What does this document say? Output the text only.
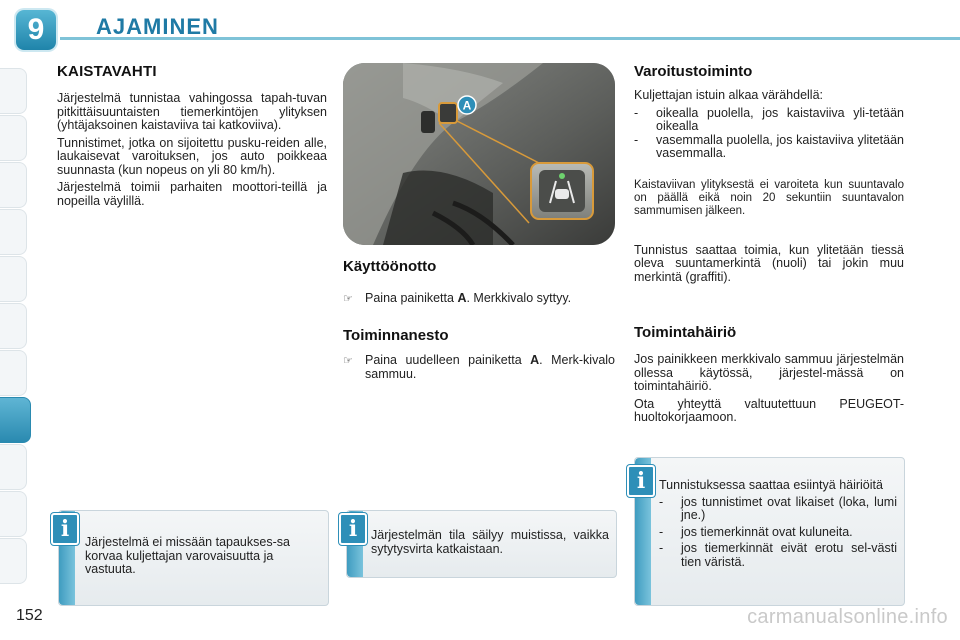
9	AJAMINEN
KAISTAVAHTI

Järjestelmä tunnistaa vahingossa tapah-tuvan pitkittäisuuntaisten tiemerkintöjen ylityksen (yhtäjaksoinen kaistaviiva tai katkoviiva).

Tunnistimet, jotka on sijoitettu pusku-reiden alle, laukaisevat varoituksen, jos auto poikkeaa suunnasta (kun nopeus on yli 80 km/h).

Järjestelmä toimii parhaiten moottori-teillä ja nopeilla väylillä.

Järjestelmä ei missään tapaukses-sa korvaa kuljettajan varovaisuutta ja vastuuta.
i
A
Käyttöönotto
☞ Paina painiketta A. Merkkivalo syttyy.
Toiminnanesto
☞ Paina uudelleen painiketta A. Merk-kivalo sammuu.
Järjestelmän tila säilyy muistissa, vaikka sytytysvirta katkaistaan.
i
Varoitustoiminto

Kuljettajan istuin alkaa värähdellä:

-	oikealla puolella, jos kaistaviiva yli-tetään oikealla
-	vasemmalla puolella, jos kaistaviiva ylitetään vasemmalla.

Kaistaviivan ylityksestä ei varoiteta kun suuntavalo on päällä eikä noin 20 sekuntiin suuntavalon sammumisen jälkeen.

Tunnistus saattaa toimia, kun ylitetään tiessä oleva suuntamerkintä (nuoli) tai jokin muu merkintä (graffiti).

Toimintahäiriö

Jos painikkeen merkkivalo sammuu järjestelmän ollessa käytössä, järjestel-mässä on toimintahäiriö.

Ota yhteyttä valtuutettuun PEUGEOT-huoltokorjaamoon.

Tunnistuksessa saattaa esiintyä häiriöitä
-	jos tunnistimet ovat likaiset (loka, lumi jne.)
-	jos tiemerkinnät ovat kuluneita.
-	jos tiemerkinnät eivät erotu sel-västi tien väristä.
i
152	carmanualsonline.info
